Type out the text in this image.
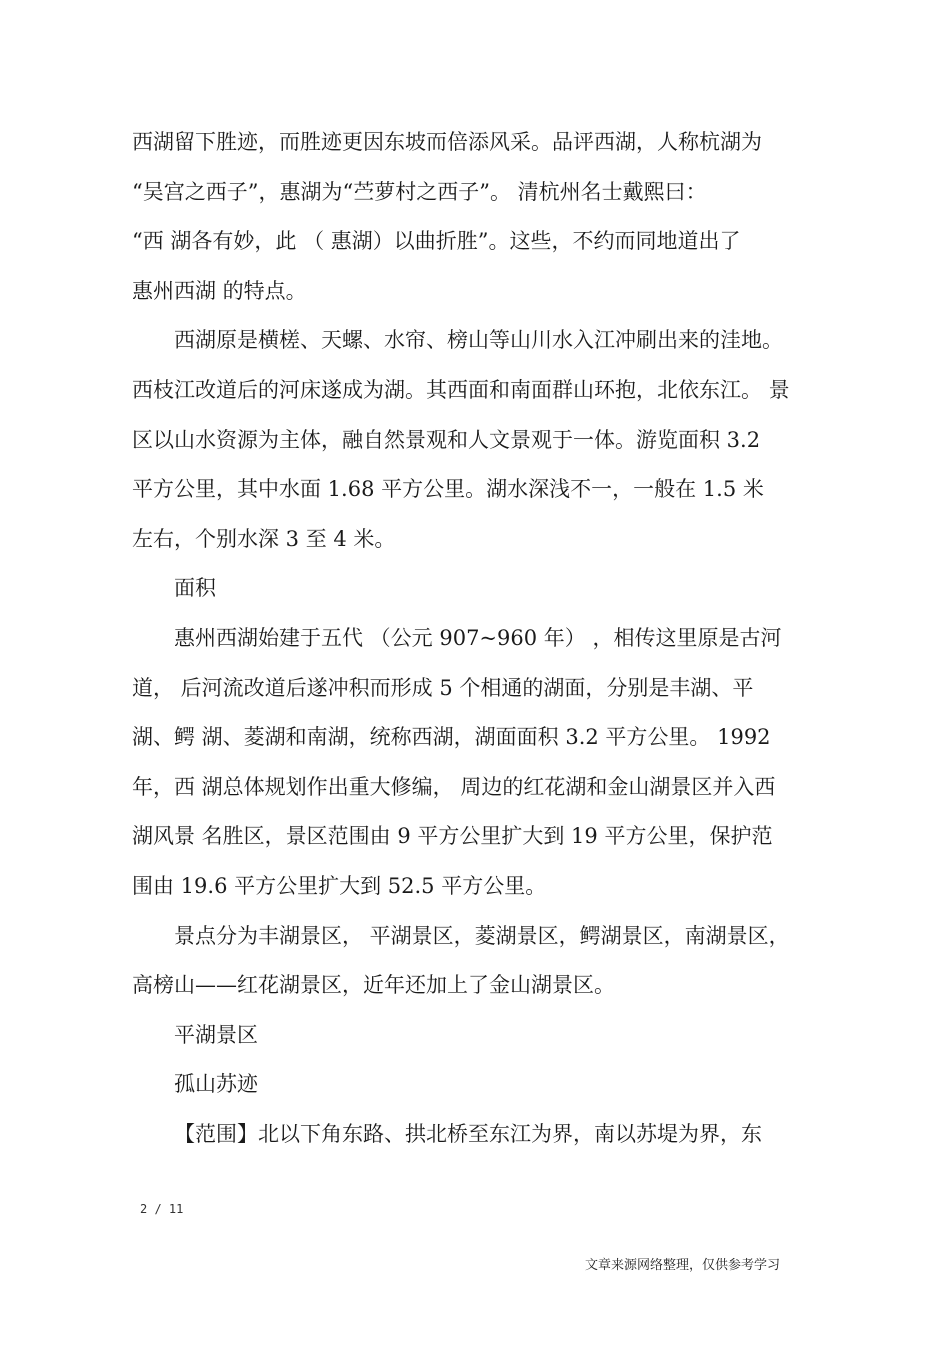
西湖留下胜迹，而胜迹更因东坡而倍添风采。品评西湖，人称杭湖为
“吴宫之西子”，惠湖为“苎萝村之西子”。 清杭州名士戴熙曰：
“西 湖各有妙，此 （ 惠湖）以曲折胜”。这些，不约而同地道出了
惠州西湖 的特点。
西湖原是横槎、天螺、水帘、榜山等山川水入江冲刷出来的洼地。
西枝江改道后的河床遂成为湖。其西面和南面群山环抱，北依东江。 景
区以山水资源为主体，融自然景观和人文景观于一体。游览面积 3.2
平方公里，其中水面 1.68 平方公里。湖水深浅不一，一般在 1.5 米
左右，个别水深 3 至 4 米。
面积
惠州西湖始建于五代 （公元 907~960 年） ，相传这里原是古河
道， 后河流改道后遂冲积而形成 5 个相通的湖面，分别是丰湖、平
湖、鳄 湖、菱湖和南湖，统称西湖，湖面面积 3.2 平方公里。 1992
年，西 湖总体规划作出重大修编， 周边的红花湖和金山湖景区并入西
湖风景 名胜区，景区范围由 9 平方公里扩大到 19 平方公里，保护范
围由 19.6 平方公里扩大到 52.5 平方公里。
景点分为丰湖景区， 平湖景区，菱湖景区，鳄湖景区，南湖景区，
高榜山——红花湖景区，近年还加上了金山湖景区。
平湖景区
孤山苏迹
【范围】北以下角东路、拱北桥至东江为界，南以苏堤为界，东
2 / 11
文章来源网络整理，仅供参考学习
